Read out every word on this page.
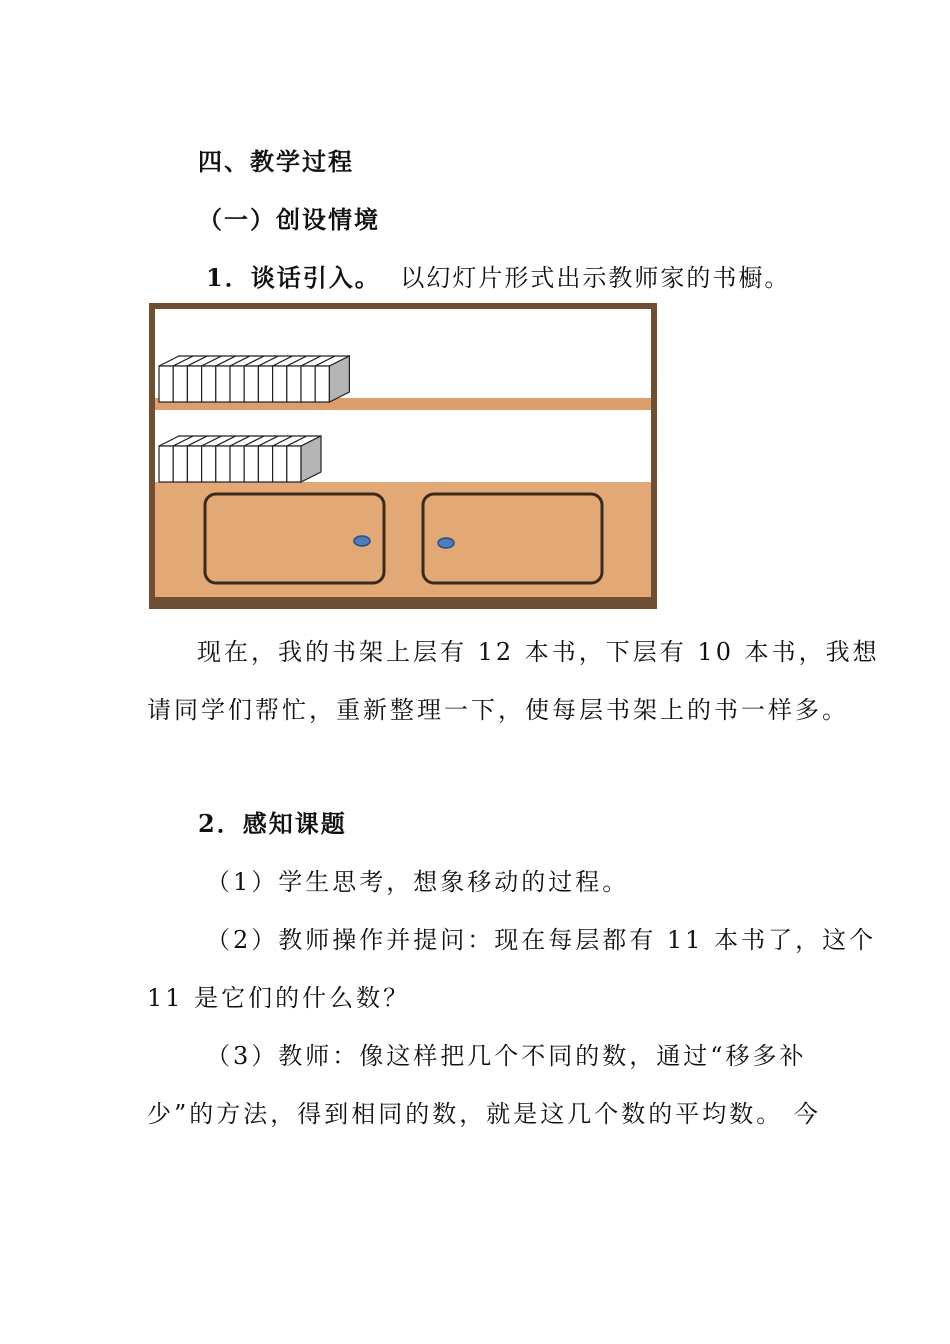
四、教学过程
（一）创设情境
1．谈话引入。 以幻灯片形式出示教师家的书橱。
现在，我的书架上层有 12 本书，下层有 10 本书，我想
请同学们帮忙，重新整理一下，使每层书架上的书一样多。
2．感知课题
（1）学生思考，想象移动的过程。
（2）教师操作并提问：现在每层都有 11 本书了，这个
11 是它们的什么数？
（3）教师：像这样把几个不同的数，通过“移多补
少”的方法，得到相同的数，就是这几个数的平均数。 今
